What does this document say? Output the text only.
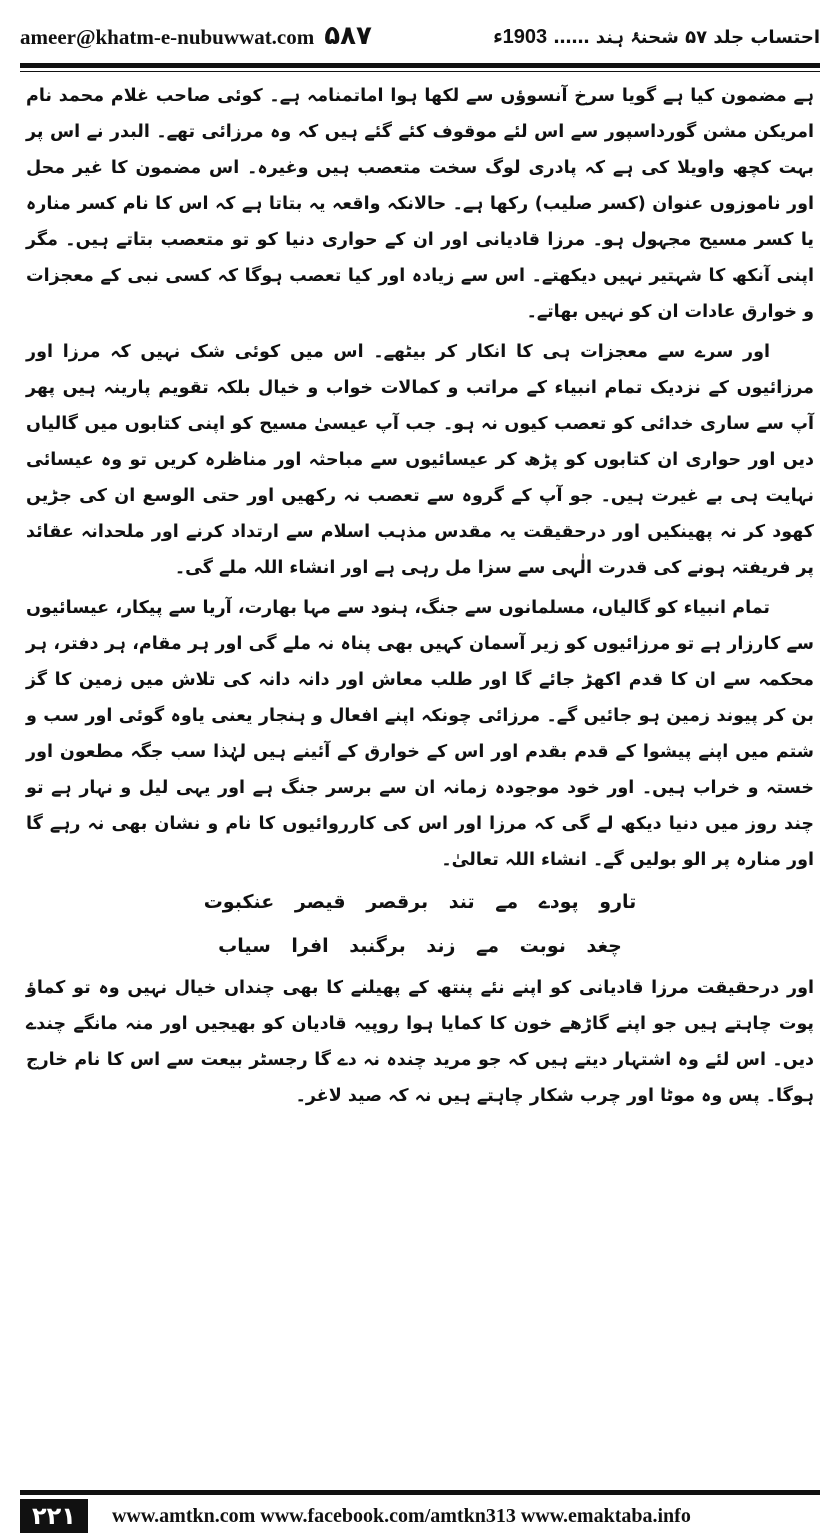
ameer@khatm-e-nubuwwat.com ۵۸۷	احتساب جلد ۵۷ شحنۂ ہند …… 1903ء

ہے مضمون کیا ہے گویا سرخ آنسوؤں سے لکھا ہوا اماتمنامہ ہے۔ کوئی صاحب غلام محمد نام امریکن مشن گورداسپور سے اس لئے موقوف کئے گئے ہیں کہ وہ مرزائی تھے۔ البدر نے اس پر بہت کچھ واویلا کی ہے کہ پادری لوگ سخت متعصب ہیں وغیرہ۔ اس مضمون کا غیر محل اور ناموزوں عنوان (کسر صلیب) رکھا ہے۔ حالانکہ واقعہ یہ بتاتا ہے کہ اس کا نام کسر منارہ یا کسر مسیح مجہول ہو۔ مرزا قادیانی اور ان کے حواری دنیا کو تو متعصب بتاتے ہیں۔ مگر اپنی آنکھ کا شہتیر نہیں دیکھتے۔ اس سے زیادہ اور کیا تعصب ہوگا کہ کسی نبی کے معجزات و خوارق عادات ان کو نہیں بھاتے۔

اور سرے سے معجزات ہی کا انکار کر بیٹھے۔ اس میں کوئی شک نہیں کہ مرزا اور مرزائیوں کے نزدیک تمام انبیاء کے مراتب و کمالات خواب و خیال بلکہ تقویم پارینہ ہیں پھر آپ سے ساری خدائی کو تعصب کیوں نہ ہو۔ جب آپ عیسیٰ مسیح کو اپنی کتابوں میں گالیاں دیں اور حواری ان کتابوں کو پڑھ کر عیسائیوں سے مباحثہ اور مناظرہ کریں تو وہ عیسائی نہایت ہی بے غیرت ہیں۔ جو آپ کے گروہ سے تعصب نہ رکھیں اور حتی الوسع ان کی جڑیں کھود کر نہ پھینکیں اور درحقیقت یہ مقدس مذہب اسلام سے ارتداد کرنے اور ملحدانہ عقائد پر فریفتہ ہونے کی قدرت الٰہی سے سزا مل رہی ہے اور انشاء اللہ ملے گی۔

تمام انبیاء کو گالیاں، مسلمانوں سے جنگ، ہنود سے مہا بھارت، آریا سے پیکار، عیسائیوں سے کارزار ہے تو مرزائیوں کو زیر آسمان کہیں بھی پناہ نہ ملے گی اور ہر مقام، ہر دفتر، ہر محکمہ سے ان کا قدم اکھڑ جائے گا اور طلب معاش اور دانہ دانہ کی تلاش میں زمین کا گز بن کر پیوند زمین ہو جائیں گے۔ مرزائی چونکہ اپنے افعال و ہنجار یعنی یاوہ گوئی اور سب و شتم میں اپنے پیشوا کے قدم بقدم اور اس کے خوارق کے آئینے ہیں لہٰذا سب جگہ مطعون اور خستہ و خراب ہیں۔ اور خود موجودہ زمانہ ان سے برسر جنگ ہے اور یہی لیل و نہار ہے تو چند روز میں دنیا دیکھ لے گی کہ مرزا اور اس کی کارروائیوں کا نام و نشان بھی نہ رہے گا اور منارہ پر الو بولیں گے۔ انشاء اللہ تعالیٰ۔

تارو پودے مے تند برقصر قیصر عنکبوت

چغد نوبت مے زند برگنبد افرا سیاب

اور درحقیقت مرزا قادیانی کو اپنے نئے پنتھ کے پھیلنے کا بھی چنداں خیال نہیں وہ تو کماؤ پوت چاہتے ہیں جو اپنے گاڑھے خون کا کمایا ہوا روپیہ قادیان کو بھیجیں اور منہ مانگے چندے دیں۔ اس لئے وہ اشتہار دیتے ہیں کہ جو مرید چندہ نہ دے گا رجسٹر بیعت سے اس کا نام خارج ہوگا۔ پس وہ موٹا اور چرب شکار چاہتے ہیں نہ کہ صید لاغر۔

۲۲۱	www.amtkn.com www.facebook.com/amtkn313 www.emaktaba.info
